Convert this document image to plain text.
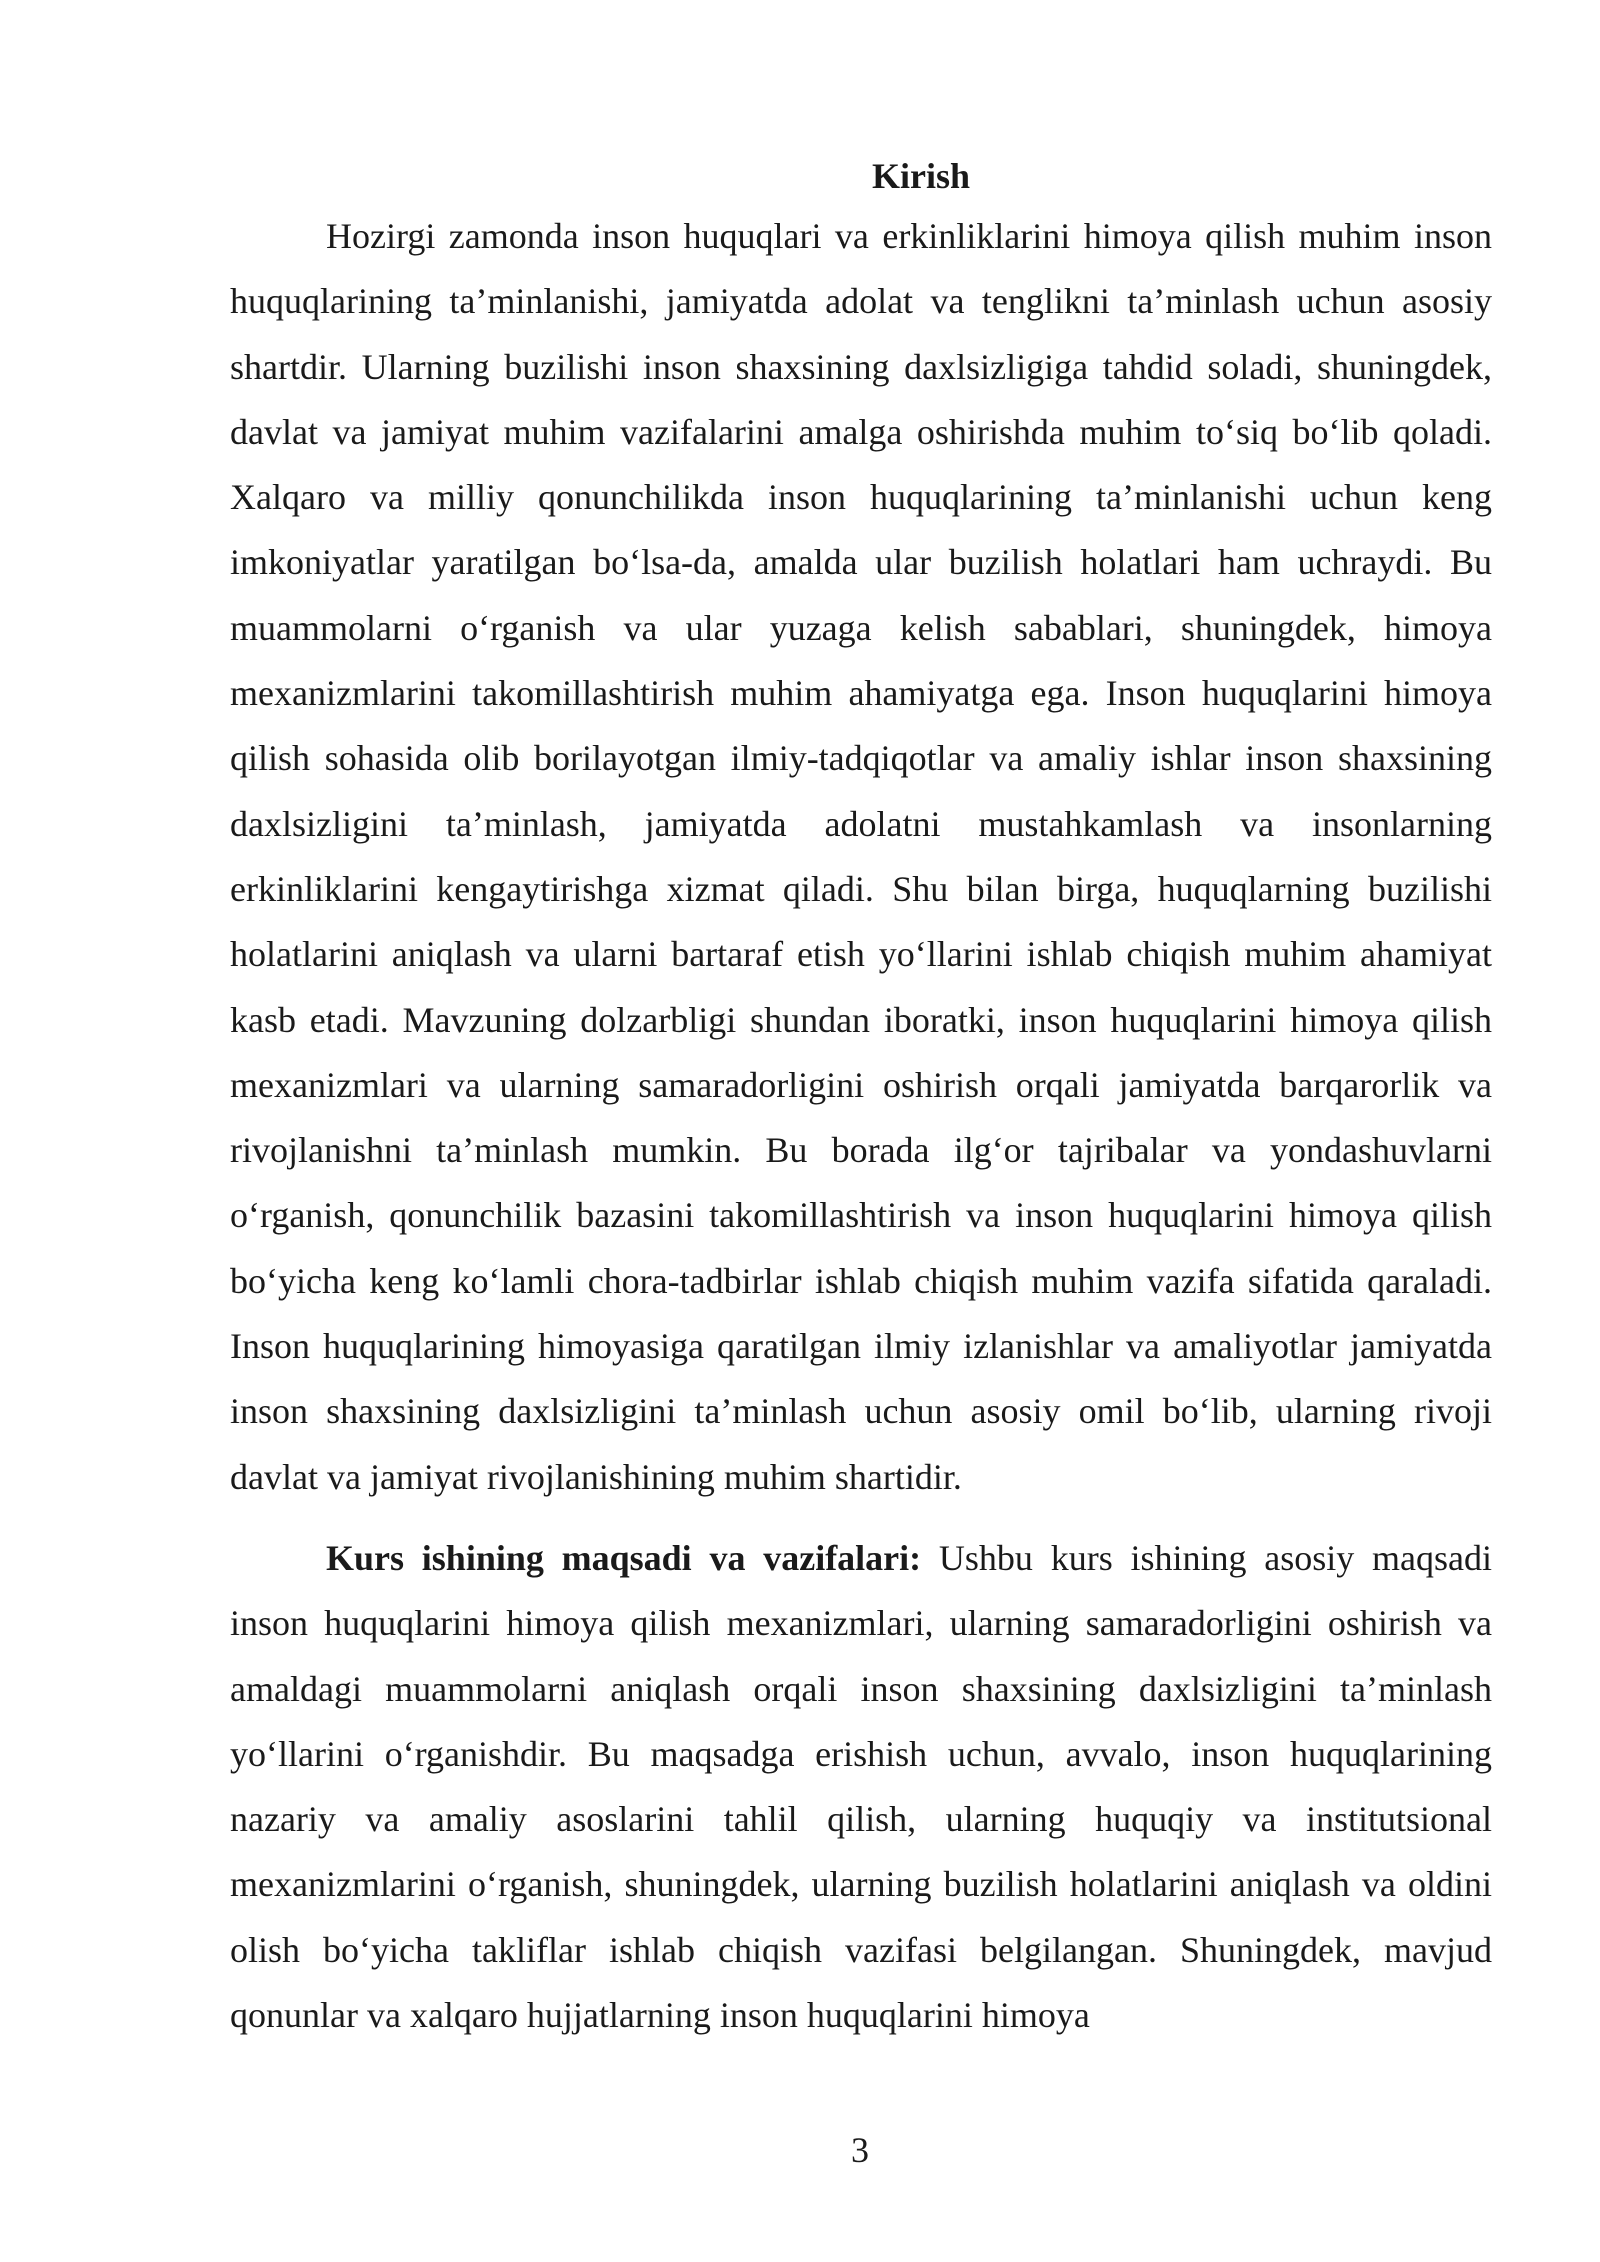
Kirish

Hozirgi zamonda inson huquqlari va erkinliklarini himoya qilish muhim inson huquqlarining ta’minlanishi, jamiyatda adolat va tenglikni ta’minlash uchun asosiy shartdir. Ularning buzilishi inson shaxsining daxlsizligiga tahdid soladi, shuningdek, davlat va jamiyat muhim vazifalarini amalga oshirishda muhim to‘siq bo‘lib qoladi. Xalqaro va milliy qonunchilikda inson huquqlarining ta’minlanishi uchun keng imkoniyatlar yaratilgan bo‘lsa-da, amalda ular buzilish holatlari ham uchraydi. Bu muammolarni o‘rganish va ular yuzaga kelish sabablari, shuningdek, himoya mexanizmlarini takomillashtirish muhim ahamiyatga ega. Inson huquqlarini himoya qilish sohasida olib borilayotgan ilmiy-tadqiqotlar va amaliy ishlar inson shaxsining daxlsizligini ta’minlash, jamiyatda adolatni mustahkamlash va insonlarning erkinliklarini kengaytirishga xizmat qiladi. Shu bilan birga, huquqlarning buzilishi holatlarini aniqlash va ularni bartaraf etish yo‘llarini ishlab chiqish muhim ahamiyat kasb etadi. Mavzuning dolzarbligi shundan iboratki, inson huquqlarini himoya qilish mexanizmlari va ularning samaradorligini oshirish orqali jamiyatda barqarorlik va rivojlanishni ta’minlash mumkin. Bu borada ilg‘or tajribalar va yondashuvlarni o‘rganish, qonunchilik bazasini takomillashtirish va inson huquqlarini himoya qilish bo‘yicha keng ko‘lamli chora-tadbirlar ishlab chiqish muhim vazifa sifatida qaraladi. Inson huquqlarining himoyasiga qaratilgan ilmiy izlanishlar va amaliyotlar jamiyatda inson shaxsining daxlsizligini ta’minlash uchun asosiy omil bo‘lib, ularning rivoji davlat va jamiyat rivojlanishining muhim shartidir.

Kurs ishining maqsadi va vazifalari: Ushbu kurs ishining asosiy maqsadi inson huquqlarini himoya qilish mexanizmlari, ularning samaradorligini oshirish va amaldagi muammolarni aniqlash orqali inson shaxsining daxlsizligini ta’minlash yo‘llarini o‘rganishdir. Bu maqsadga erishish uchun, avvalo, inson huquqlarining nazariy va amaliy asoslarini tahlil qilish, ularning huquqiy va institutsional mexanizmlarini o‘rganish, shuningdek, ularning buzilish holatlarini aniqlash va oldini olish bo‘yicha takliflar ishlab chiqish vazifasi belgilangan. Shuningdek, mavjud qonunlar va xalqaro hujjatlarning inson huquqlarini himoya

3
